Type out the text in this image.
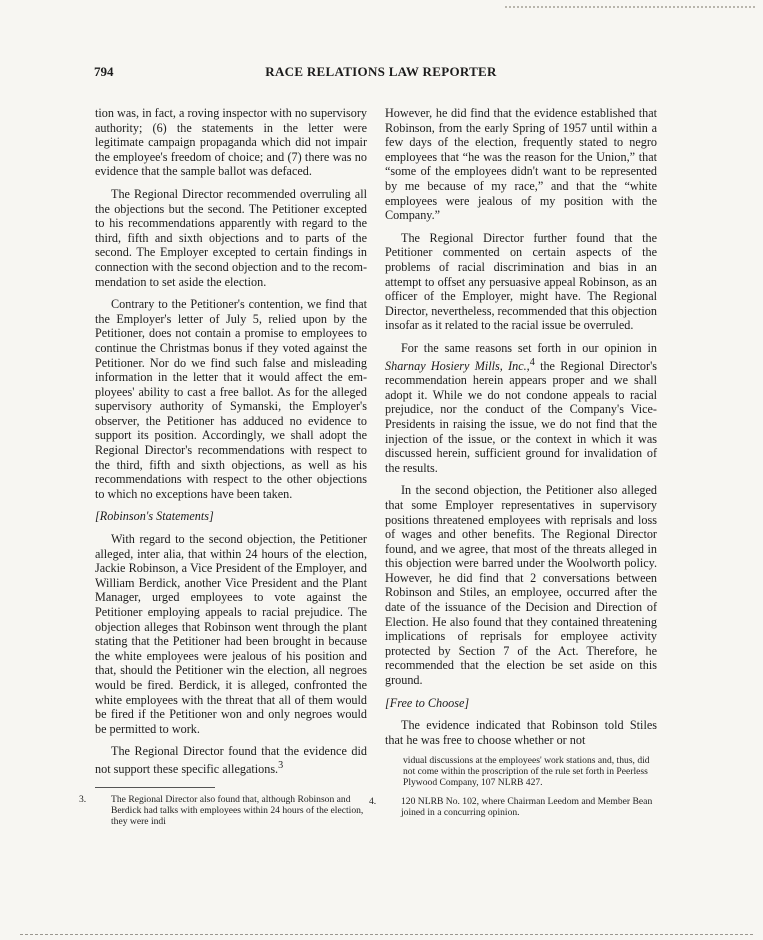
RACE RELATIONS LAW REPORTER
794

tion was, in fact, a roving inspector with no supervisory authority; (6) the statements in the letter were legitimate campaign propaganda which did not impair the employee's freedom of choice; and (7) there was no evidence that the sample ballot was defaced.

The Regional Director recommended overruling all the objections but the second. The Petitioner excepted to his recommendations apparently with regard to the third, fifth and sixth objections and to parts of the second. The Employer excepted to certain findings in connection with the second objection and to the recommendation to set aside the election.

Contrary to the Petitioner's contention, we find that the Employer's letter of July 5, relied upon by the Petitioner, does not contain a promise to employees to continue the Christmas bonus if they voted against the Petitioner. Nor do we find such false and misleading information in the letter that it would affect the employees' ability to cast a free ballot. As for the alleged supervisory authority of Symanski, the Employer's observer, the Petitioner has adduced no evidence to support its position. Accordingly, we shall adopt the Regional Director's recommendations with respect to the third, fifth and sixth objections, as well as his recommendations with respect to the other objections to which no exceptions have been taken.

[Robinson's Statements]

With regard to the second objection, the Petitioner alleged, inter alia, that within 24 hours of the election, Jackie Robinson, a Vice President of the Employer, and William Berdick, another Vice President and the Plant Manager, urged employees to vote against the Petitioner employing appeals to racial prejudice. The objection alleges that Robinson went through the plant stating that the Petitioner had been brought in because the white employees were jealous of his position and that, should the Petitioner win the election, all negroes would be fired. Berdick, it is alleged, confronted the white employees with the threat that all of them would be fired if the Petitioner won and only negroes would be permitted to work.

The Regional Director found that the evidence did not support these specific allegations.$^3$

3.	The Regional Director also found that, although Robinson and Berdick had talks with employees within 24 hours of the election, they were indi

However, he did find that the evidence established that Robinson, from the early Spring of 1957 until within a few days of the election, frequently stated to negro employees that “he was the reason for the Union,” that “some of the employees didn't want to be represented by me because of my race,” and that the “white employees were jealous of my position with the Company.”

The Regional Director further found that the Petitioner commented on certain aspects of the problems of racial discrimination and bias in an attempt to offset any persuasive appeal Robinson, as an officer of the Employer, might have. The Regional Director, nevertheless, recommended that this objection insofar as it related to the racial issue be overruled.

For the same reasons set forth in our opinion in Sharnay Hosiery Mills, Inc.,$^4$ the Regional Director's recommendation herein appears proper and we shall adopt it. While we do not condone appeals to racial prejudice, nor the conduct of the Company's Vice-Presidents in raising the issue, we do not find that the injection of the issue, or the context in which it was discussed herein, sufficient ground for invalidation of the results.

In the second objection, the Petitioner also alleged that some Employer representatives in supervisory positions threatened employees with reprisals and loss of wages and other benefits. The Regional Director found, and we agree, that most of the threats alleged in this objection were barred under the Woolworth policy. However, he did find that 2 conversations between Robinson and Stiles, an employee, occurred after the date of the issuance of the Decision and Direction of Election. He also found that they contained threatening implications of reprisals for employee activity protected by Section 7 of the Act. Therefore, he recommended that the election be set aside on this ground.

[Free to Choose]

The evidence indicated that Robinson told Stiles that he was free to choose whether or not

vidual discussions at the employees' work stations and, thus, did not come within the proscription of the rule set forth in Peerless Plywood Company, 107 NLRB 427.

4.	120 NLRB No. 102, where Chairman Leedom and Member Bean joined in a concurring opinion.
